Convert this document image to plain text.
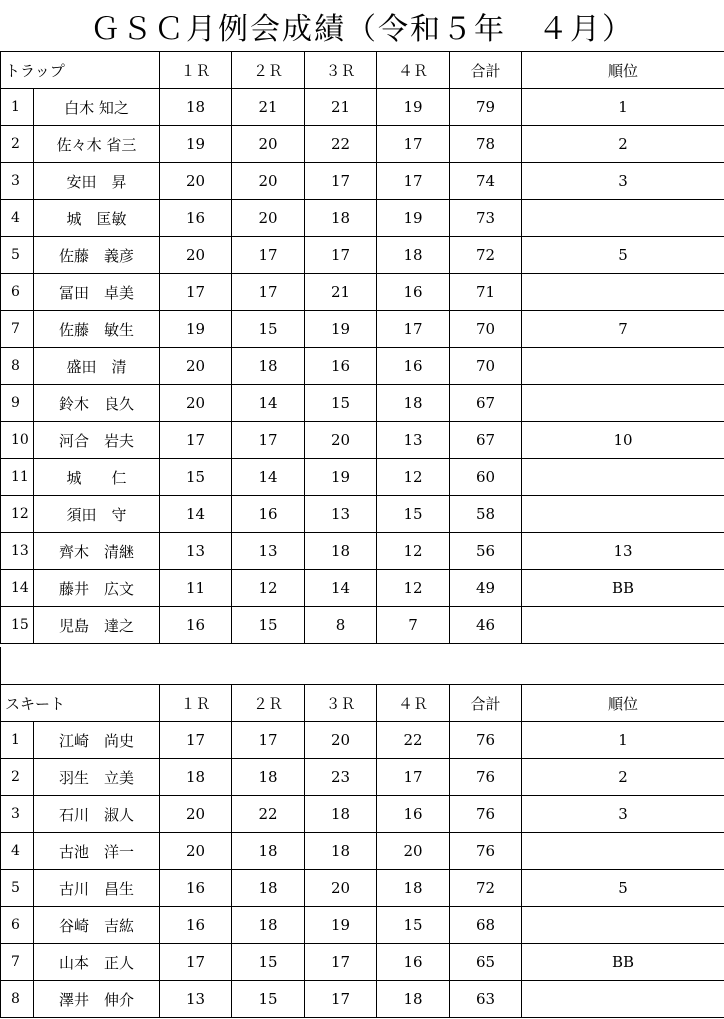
ＧＳＣ月例会成績（令和５年　４月）
トラップ		１Ｒ	２Ｒ	３Ｒ	４Ｒ	合計	順位
1	白木 知之	18	21	21	19	79	1
2	佐々木 省三	19	20	22	17	78	2
3	安田　昇	20	20	17	17	74	3
4	城　匡敏	16	20	18	19	73	
5	佐藤　義彦	20	17	17	18	72	5
6	冨田　卓美	17	17	21	16	71	
7	佐藤　敏生	19	15	19	17	70	7
8	盛田　清	20	18	16	16	70	
9	鈴木　良久	20	14	15	18	67	
10	河合　岩夫	17	17	20	13	67	10
11	城　　仁	15	14	19	12	60	
12	須田　守	14	16	13	15	58	
13	齊木　清継	13	13	18	12	56	13
14	藤井　広文	11	12	14	12	49	BB
15	児島　達之	16	15	8	7	46	
スキート		１Ｒ	２Ｒ	３Ｒ	４Ｒ	合計	順位
1	江崎　尚史	17	17	20	22	76	1
2	羽生　立美	18	18	23	17	76	2
3	石川　淑人	20	22	18	16	76	3
4	古池　洋一	20	18	18	20	76	
5	古川　昌生	16	18	20	18	72	5
6	谷崎　吉紘	16	18	19	15	68	
7	山本　正人	17	15	17	16	65	BB
8	澤井　伸介	13	15	17	18	63	
